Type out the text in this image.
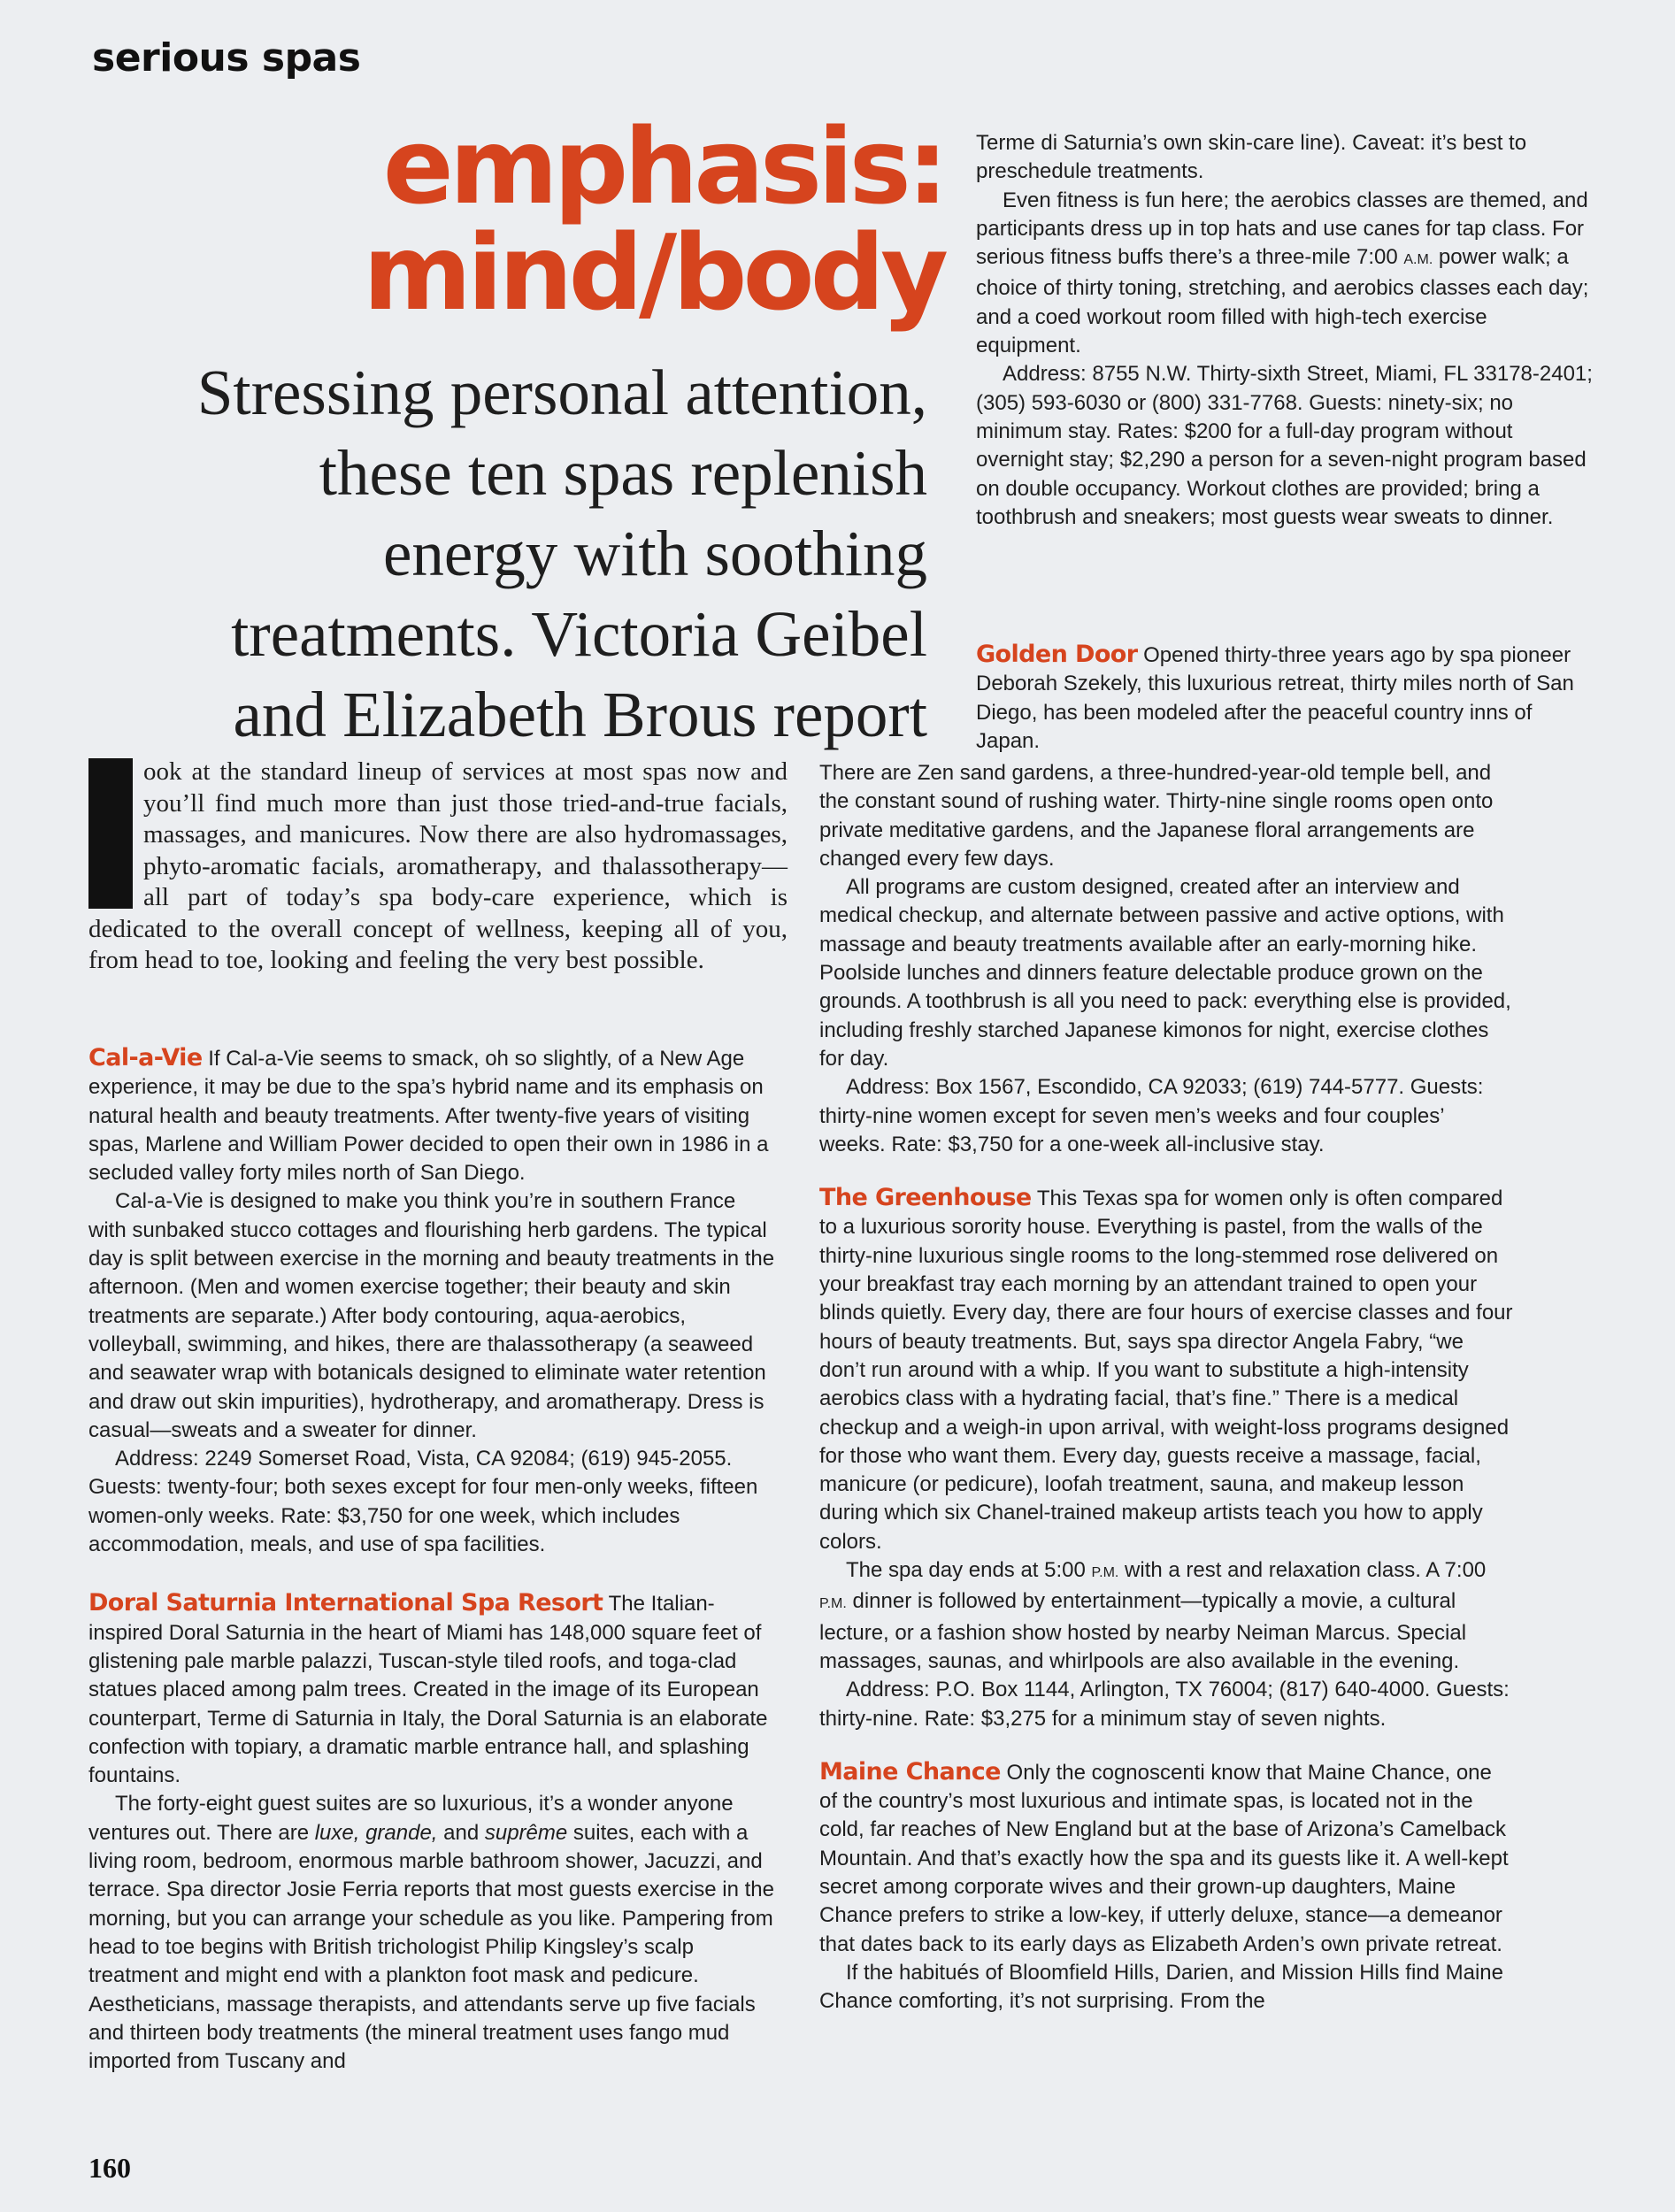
serious spas
emphasis:
mind/body
Stressing personal attention,
these ten spas replenish
energy with soothing
treatments. Victoria Geibel
and Elizabeth Brous report

ook at the standard lineup of services at most spas now and you’ll find much more than just those tried-and-true facials, massages, and manicures. Now there are also hydromassages, phyto-aromatic facials, aromatherapy, and thalassotherapy—all part of today’s spa body-care experience, which is dedicated to the overall concept of wellness, keeping all of you, from head to toe, looking and feeling the very best possible.

Cal-a-Vie If Cal-a-Vie seems to smack, oh so slightly, of a New Age experience, it may be due to the spa’s hybrid name and its emphasis on natural health and beauty treatments. After twenty-five years of visiting spas, Marlene and William Power decided to open their own in 1986 in a secluded valley forty miles north of San Diego.

Cal-a-Vie is designed to make you think you’re in southern France with sunbaked stucco cottages and flourishing herb gardens. The typical day is split between exercise in the morning and beauty treatments in the afternoon. (Men and women exercise together; their beauty and skin treatments are separate.) After body contouring, aqua-aerobics, volleyball, swimming, and hikes, there are thalassotherapy (a seaweed and seawater wrap with botanicals designed to eliminate water retention and draw out skin impurities), hydrotherapy, and aromatherapy. Dress is casual—sweats and a sweater for dinner.

Address: 2249 Somerset Road, Vista, CA 92084; (619) 945-2055. Guests: twenty-four; both sexes except for four men-only weeks, fifteen women-only weeks. Rate: $3,750 for one week, which includes accommodation, meals, and use of spa facilities.

Doral Saturnia International Spa Resort The Italian-inspired Doral Saturnia in the heart of Miami has 148,000 square feet of glistening pale marble palazzi, Tuscan-style tiled roofs, and toga-clad statues placed among palm trees. Created in the image of its European counterpart, Terme di Saturnia in Italy, the Doral Saturnia is an elaborate confection with topiary, a dramatic marble entrance hall, and splashing fountains.

The forty-eight guest suites are so luxurious, it’s a wonder anyone ventures out. There are luxe, grande, and suprême suites, each with a living room, bedroom, enormous marble bathroom shower, Jacuzzi, and terrace. Spa director Josie Ferria reports that most guests exercise in the morning, but you can arrange your schedule as you like. Pampering from head to toe begins with British trichologist Philip Kingsley’s scalp treatment and might end with a plankton foot mask and pedicure. Aestheticians, massage therapists, and attendants serve up five facials and thirteen body treatments (the mineral treatment uses fango mud imported from Tuscany and

Terme di Saturnia’s own skin-care line). Caveat: it’s best to preschedule treatments.

Even fitness is fun here; the aerobics classes are themed, and participants dress up in top hats and use canes for tap class. For serious fitness buffs there’s a three-mile 7:00 A.M. power walk; a choice of thirty toning, stretching, and aerobics classes each day; and a coed workout room filled with high-tech exercise equipment.

Address: 8755 N.W. Thirty-sixth Street, Miami, FL 33178-2401; (305) 593-6030 or (800) 331-7768. Guests: ninety-six; no minimum stay. Rates: $200 for a full-day program without overnight stay; $2,290 a person for a seven-night program based on double occupancy. Workout clothes are provided; bring a toothbrush and sneakers; most guests wear sweats to dinner.

Golden Door Opened thirty-three years ago by spa pioneer Deborah Szekely, this luxurious retreat, thirty miles north of San Diego, has been modeled after the peaceful country inns of Japan.

There are Zen sand gardens, a three-hundred-year-old temple bell, and the constant sound of rushing water. Thirty-nine single rooms open onto private meditative gardens, and the Japanese floral arrangements are changed every few days.

All programs are custom designed, created after an interview and medical checkup, and alternate between passive and active options, with massage and beauty treatments available after an early-morning hike. Poolside lunches and dinners feature delectable produce grown on the grounds. A toothbrush is all you need to pack: everything else is provided, including freshly starched Japanese kimonos for night, exercise clothes for day.

Address: Box 1567, Escondido, CA 92033; (619) 744-5777. Guests: thirty-nine women except for seven men’s weeks and four couples’ weeks. Rate: $3,750 for a one-week all-inclusive stay.

The Greenhouse This Texas spa for women only is often compared to a luxurious sorority house. Everything is pastel, from the walls of the thirty-nine luxurious single rooms to the long-stemmed rose delivered on your breakfast tray each morning by an attendant trained to open your blinds quietly. Every day, there are four hours of exercise classes and four hours of beauty treatments. But, says spa director Angela Fabry, “we don’t run around with a whip. If you want to substitute a high-intensity aerobics class with a hydrating facial, that’s fine.” There is a medical checkup and a weigh-in upon arrival, with weight-loss programs designed for those who want them. Every day, guests receive a massage, facial, manicure (or pedicure), loofah treatment, sauna, and makeup lesson during which six Chanel-trained makeup artists teach you how to apply colors.

The spa day ends at 5:00 P.M. with a rest and relaxation class. A 7:00 P.M. dinner is followed by entertainment—typically a movie, a cultural lecture, or a fashion show hosted by nearby Neiman Marcus. Special massages, saunas, and whirlpools are also available in the evening.

Address: P.O. Box 1144, Arlington, TX 76004; (817) 640-4000. Guests: thirty-nine. Rate: $3,275 for a minimum stay of seven nights.

Maine Chance Only the cognoscenti know that Maine Chance, one of the country’s most luxurious and intimate spas, is located not in the cold, far reaches of New England but at the base of Arizona’s Camelback Mountain. And that’s exactly how the spa and its guests like it. A well-kept secret among corporate wives and their grown-up daughters, Maine Chance prefers to strike a low-key, if utterly deluxe, stance—a demeanor that dates back to its early days as Elizabeth Arden’s own private retreat.

If the habitués of Bloomfield Hills, Darien, and Mission Hills find Maine Chance comforting, it’s not surprising. From the

160
